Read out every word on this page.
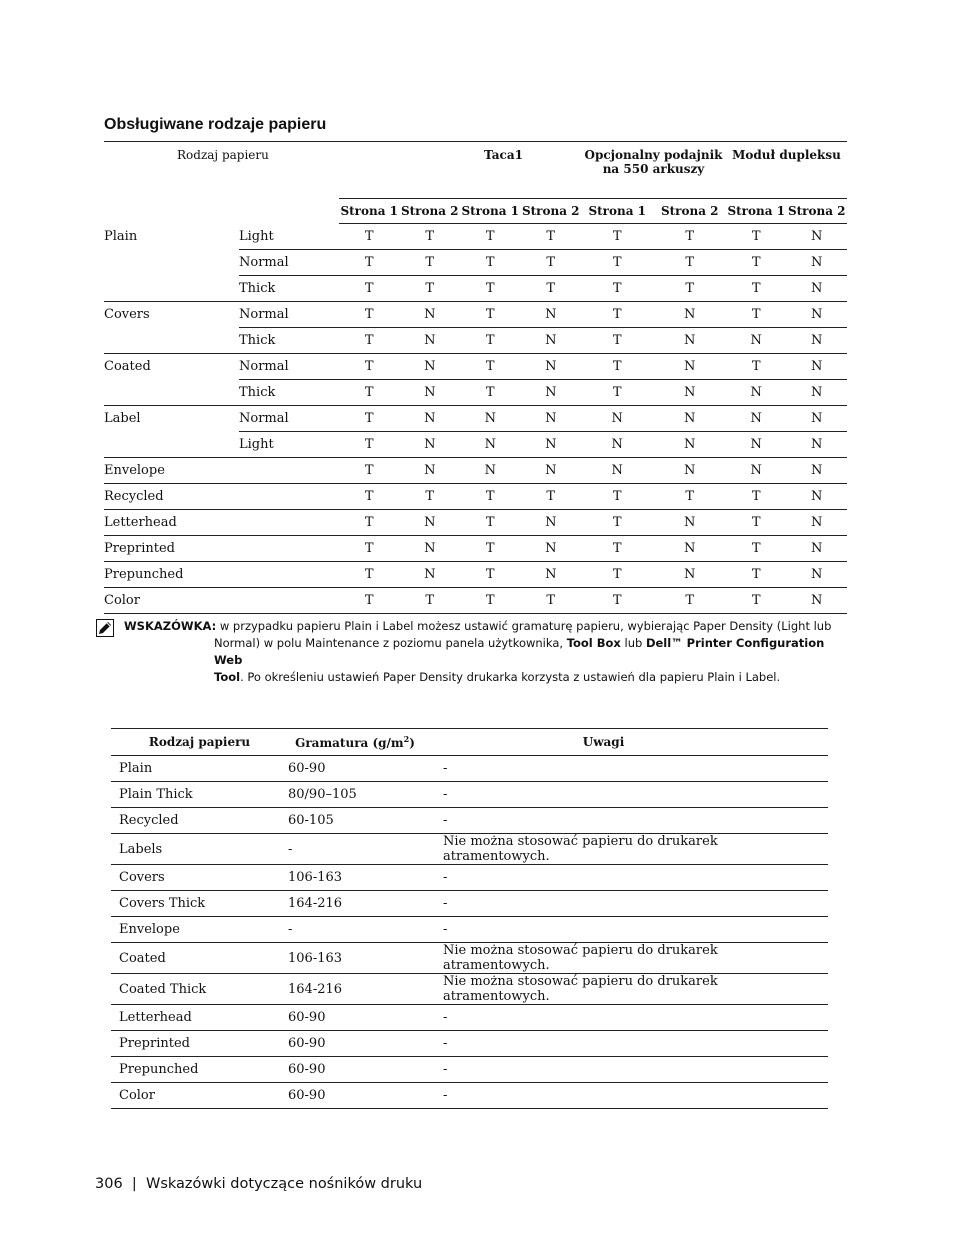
Obsługiwane rodzaje papieru
Rodzaj papieru		Taca1				Opcjonalny podajnik
na 550 arkuszy		Moduł dupleksu	
		Strona 1	Strona 2	Strona 1	Strona 2	Strona 1	Strona 2	Strona 1	Strona 2
Plain	Light	T	T	T	T	T	T	T	N
	Normal	T	T	T	T	T	T	T	N
	Thick	T	T	T	T	T	T	T	N
Covers	Normal	T	N	T	N	T	N	T	N
	Thick	T	N	T	N	T	N	N	N
Coated	Normal	T	N	T	N	T	N	T	N
	Thick	T	N	T	N	T	N	N	N
Label	Normal	T	N	N	N	N	N	N	N
	Light	T	N	N	N	N	N	N	N
Envelope		T	N	N	N	N	N	N	N
Recycled		T	T	T	T	T	T	T	N
Letterhead		T	N	T	N	T	N	T	N
Preprinted		T	N	T	N	T	N	T	N
Prepunched		T	N	T	N	T	N	T	N
Color		T	T	T	T	T	T	T	N
WSKAZÓWKA: w przypadku papieru Plain i Label możesz ustawić gramaturę papieru, wybierając Paper Density (Light lub
Normal) w polu Maintenance z poziomu panela użytkownika, Tool Box lub Dell™ Printer Configuration Web
Tool. Po określeniu ustawień Paper Density drukarka korzysta z ustawień dla papieru Plain i Label.
Rodzaj papieru	Gramatura $(g/m^2)$	Uwagi
Plain	60-90	-
Plain Thick	80/90–105	-
Recycled	60-105	-
Labels	-	Nie można stosować papieru do drukarek atramentowych.
Covers	106-163	-
Covers Thick	164-216	-
Envelope	-	-
Coated	106-163	Nie można stosować papieru do drukarek atramentowych.
Coated Thick	164-216	Nie można stosować papieru do drukarek atramentowych.
Letterhead	60-90	-
Preprinted	60-90	-
Prepunched	60-90	-
Color	60-90	-
306 | Wskazówki dotyczące nośników druku
